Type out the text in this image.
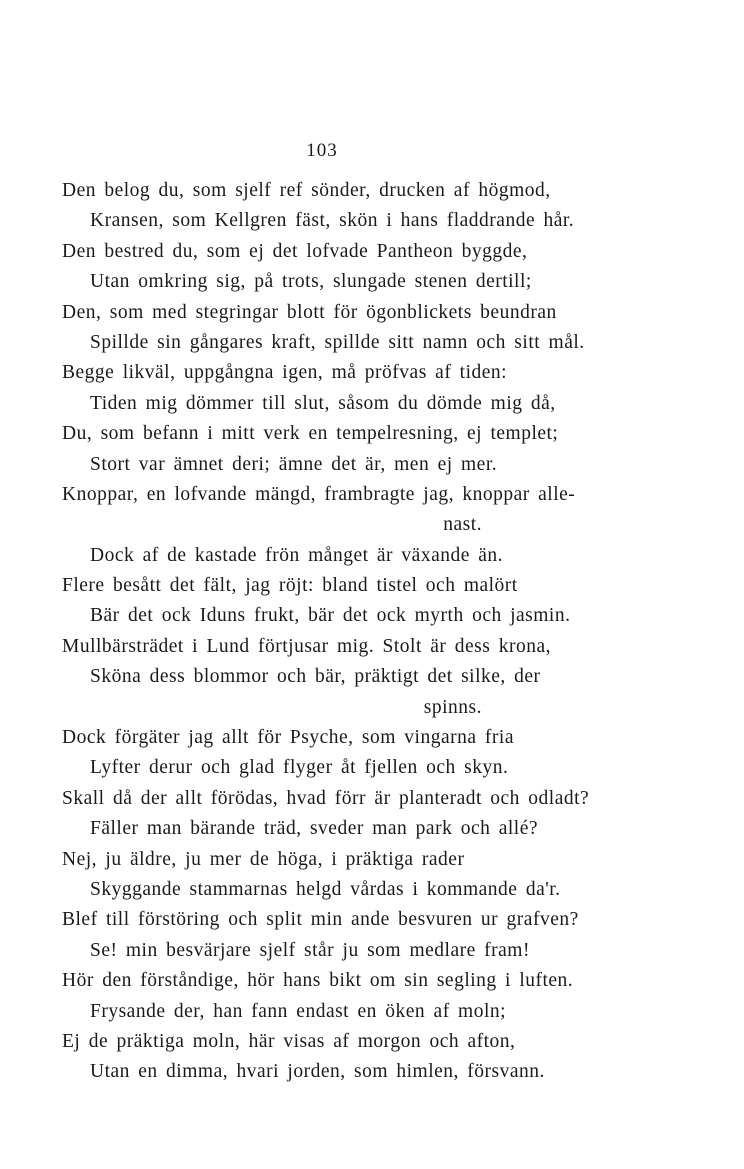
103
Den belog du, som sjelf ref sönder, drucken af högmod,
Kransen, som Kellgren fäst, skön i hans fladdrande hår.
Den bestred du, som ej det lofvade Pantheon byggde,
Utan omkring sig, på trots, slungade stenen dertill;
Den, som med stegringar blott för ögonblickets beundran
Spillde sin gångares kraft, spillde sitt namn och sitt mål.
Begge likväl, uppgångna igen, må pröfvas af tiden:
Tiden mig dömmer till slut, såsom du dömde mig då,
Du, som befann i mitt verk en tempelresning, ej templet;
Stort var ämnet deri; ämne det är, men ej mer.
Knoppar, en lofvande mängd, frambragte jag, knoppar alle-
nast.
Dock af de kastade frön månget är växande än.
Flere besått det fält, jag röjt: bland tistel och malört
Bär det ock Iduns frukt, bär det ock myrth och jasmin.
Mullbärsträdet i Lund förtjusar mig. Stolt är dess krona,
Sköna dess blommor och bär, präktigt det silke, der
spinns.
Dock förgäter jag allt för Psyche, som vingarna fria
Lyfter derur och glad flyger åt fjellen och skyn.
Skall då der allt förödas, hvad förr är planteradt och odladt?
Fäller man bärande träd, sveder man park och allé?
Nej, ju äldre, ju mer de höga, i präktiga rader
Skyggande stammarnas helgd vårdas i kommande da'r.
Blef till förstöring och split min ande besvuren ur grafven?
Se! min besvärjare sjelf står ju som medlare fram!
Hör den förståndige, hör hans bikt om sin segling i luften.
Frysande der, han fann endast en öken af moln;
Ej de präktiga moln, här visas af morgon och afton,
Utan en dimma, hvari jorden, som himlen, försvann.
